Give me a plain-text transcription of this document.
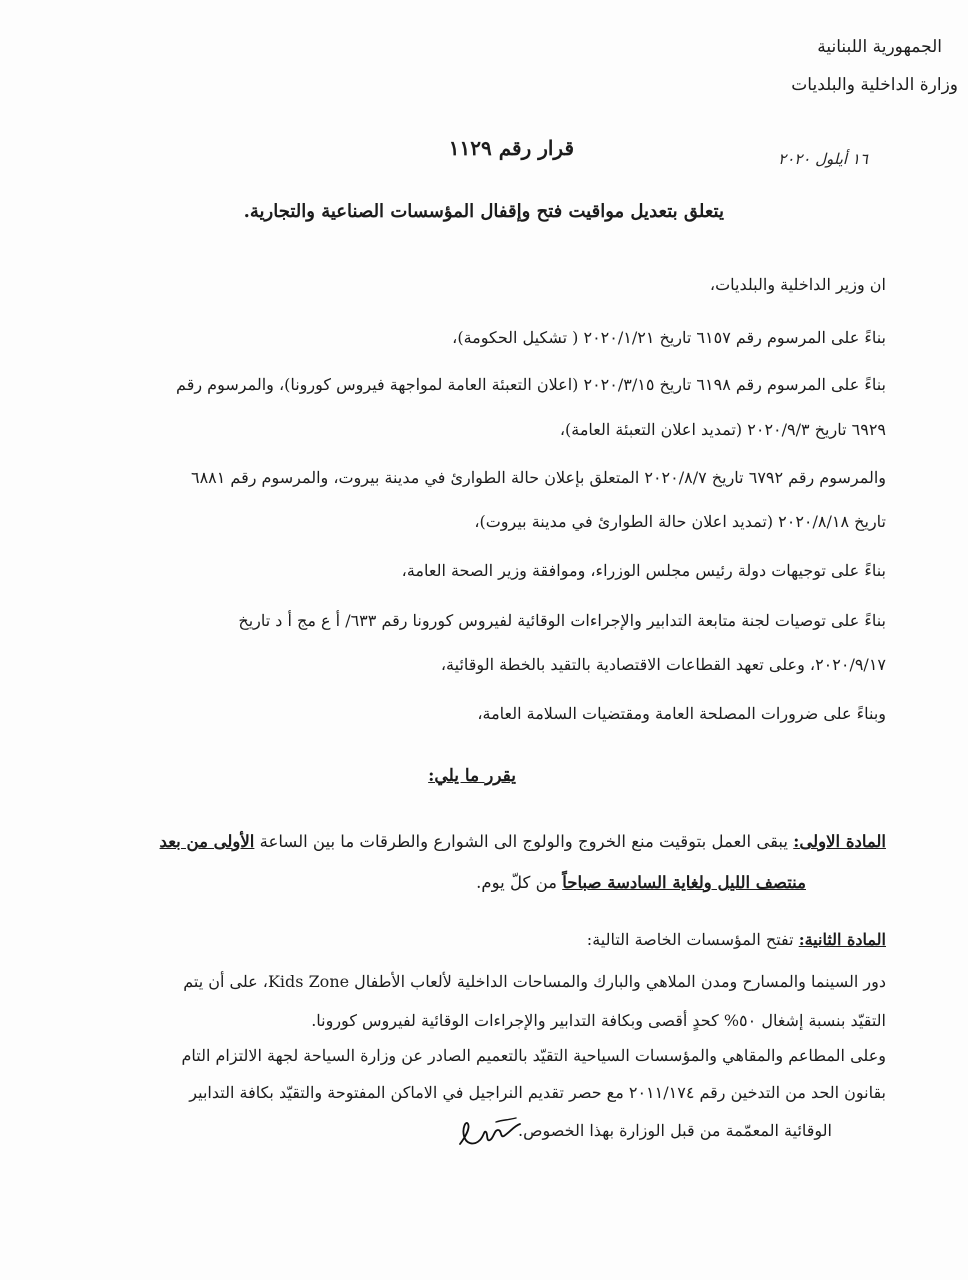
الجمهورية اللبنانية
وزارة الداخلية والبلديات
قرار رقم ١١٢٩	١٦ أيلول ٢٠٢٠
يتعلق بتعديل مواقيت فتح وإقفال المؤسسات الصناعية والتجارية.
ان وزير الداخلية والبلديات،
بناءً على المرسوم رقم ٦١٥٧ تاريخ ٢٠٢٠/١/٢١ ( تشكيل الحكومة)،
بناءً على المرسوم رقم ٦١٩٨ تاريخ ٢٠٢٠/٣/١٥ (اعلان التعبئة العامة لمواجهة فيروس كورونا)، والمرسوم رقم
٦٩٢٩ تاريخ ٢٠٢٠/٩/٣ (تمديد اعلان التعبئة العامة)،
والمرسوم رقم ٦٧٩٢ تاريخ ٢٠٢٠/٨/٧ المتعلق بإعلان حالة الطوارئ في مدينة بيروت، والمرسوم رقم ٦٨٨١
تاريخ ٢٠٢٠/٨/١٨ (تمديد اعلان حالة الطوارئ في مدينة بيروت)،
بناءً على توجيهات دولة رئيس مجلس الوزراء، وموافقة وزير الصحة العامة،
بناءً على توصيات لجنة متابعة التدابير والإجراءات الوقائية لفيروس كورونا رقم ٦٣٣/ أ ع مج أ د تاريخ
٢٠٢٠/٩/١٧، وعلى تعهد القطاعات الاقتصادية بالتقيد بالخطة الوقائية،
وبناءً على ضرورات المصلحة العامة ومقتضيات السلامة العامة،
يقرر ما يلي:
المادة الاولى: يبقى العمل بتوقيت منع الخروج والولوج الى الشوارع والطرقات ما بين الساعة الأولى من بعد
منتصف الليل ولغاية السادسة صباحاً من كلّ يوم.
المادة الثانية: تفتح المؤسسات الخاصة التالية:
دور السينما والمسارح ومدن الملاهي والبارك والمساحات الداخلية لألعاب الأطفال Kids Zone، على أن يتم
التقيّد بنسبة إشغال ٥٠% كحدٍ أقصى وبكافة التدابير والإجراءات الوقائية لفيروس كورونا.
وعلى المطاعم والمقاهي والمؤسسات السياحية التقيّد بالتعميم الصادر عن وزارة السياحة لجهة الالتزام التام
بقانون الحد من التدخين رقم ٢٠١١/١٧٤ مع حصر تقديم النراجيل في الاماكن المفتوحة والتقيّد بكافة التدابير
الوقائية المعمّمة من قبل الوزارة بهذا الخصوص.
